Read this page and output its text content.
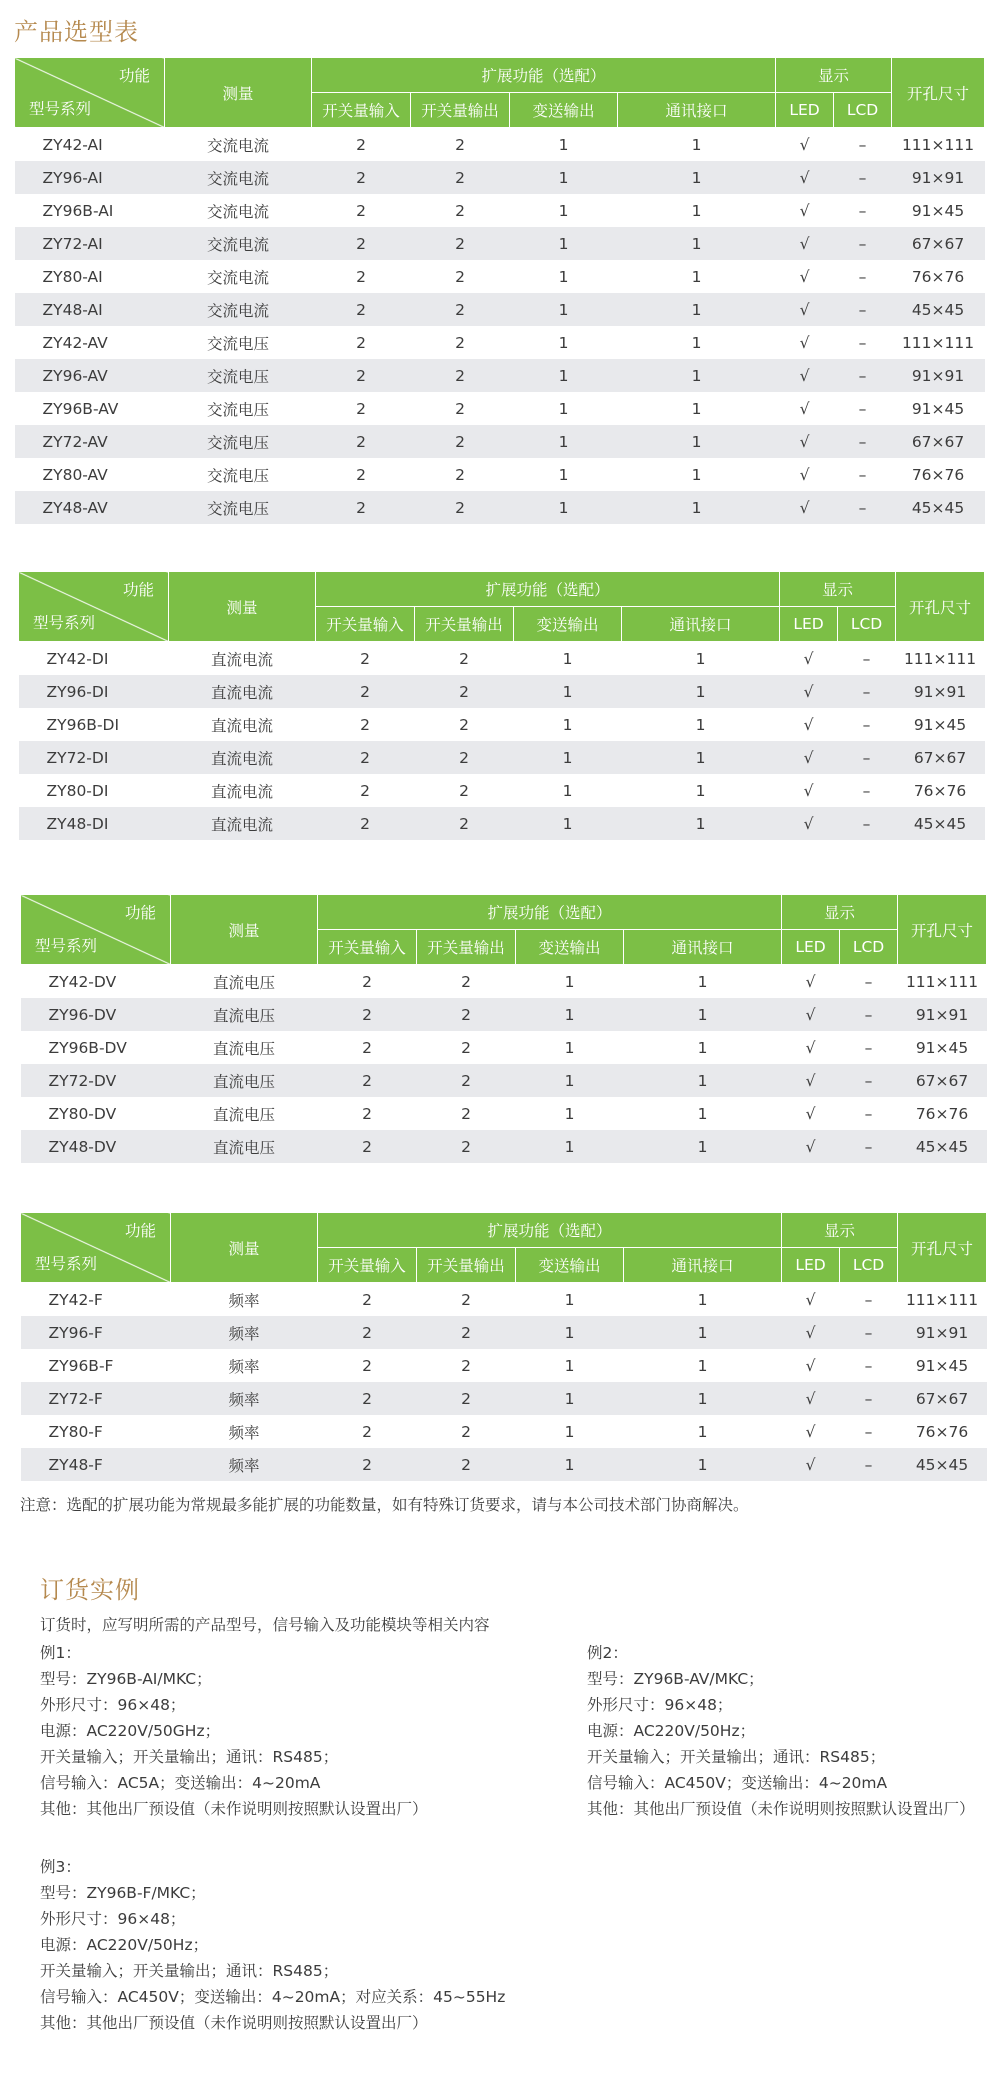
产品选型表
功能
型号系列	测量	扩展功能（选配）				显示		开孔尺寸
		开关量输入	开关量输出	变送输出	通讯接口	LED	LCD	
ZY42-AI	交流电流	2	2	1	1	√	–	111×111
ZY96-AI	交流电流	2	2	1	1	√	–	91×91
ZY96B-AI	交流电流	2	2	1	1	√	–	91×45
ZY72-AI	交流电流	2	2	1	1	√	–	67×67
ZY80-AI	交流电流	2	2	1	1	√	–	76×76
ZY48-AI	交流电流	2	2	1	1	√	–	45×45
ZY42-AV	交流电压	2	2	1	1	√	–	111×111
ZY96-AV	交流电压	2	2	1	1	√	–	91×91
ZY96B-AV	交流电压	2	2	1	1	√	–	91×45
ZY72-AV	交流电压	2	2	1	1	√	–	67×67
ZY80-AV	交流电压	2	2	1	1	√	–	76×76
ZY48-AV	交流电压	2	2	1	1	√	–	45×45
功能
型号系列	测量	扩展功能（选配）				显示		开孔尺寸
		开关量输入	开关量输出	变送输出	通讯接口	LED	LCD	
ZY42-DI	直流电流	2	2	1	1	√	–	111×111
ZY96-DI	直流电流	2	2	1	1	√	–	91×91
ZY96B-DI	直流电流	2	2	1	1	√	–	91×45
ZY72-DI	直流电流	2	2	1	1	√	–	67×67
ZY80-DI	直流电流	2	2	1	1	√	–	76×76
ZY48-DI	直流电流	2	2	1	1	√	–	45×45
功能
型号系列	测量	扩展功能（选配）				显示		开孔尺寸
		开关量输入	开关量输出	变送输出	通讯接口	LED	LCD	
ZY42-DV	直流电压	2	2	1	1	√	–	111×111
ZY96-DV	直流电压	2	2	1	1	√	–	91×91
ZY96B-DV	直流电压	2	2	1	1	√	–	91×45
ZY72-DV	直流电压	2	2	1	1	√	–	67×67
ZY80-DV	直流电压	2	2	1	1	√	–	76×76
ZY48-DV	直流电压	2	2	1	1	√	–	45×45
功能
型号系列	测量	扩展功能（选配）				显示		开孔尺寸
		开关量输入	开关量输出	变送输出	通讯接口	LED	LCD	
ZY42-F	频率	2	2	1	1	√	–	111×111
ZY96-F	频率	2	2	1	1	√	–	91×91
ZY96B-F	频率	2	2	1	1	√	–	91×45
ZY72-F	频率	2	2	1	1	√	–	67×67
ZY80-F	频率	2	2	1	1	√	–	76×76
ZY48-F	频率	2	2	1	1	√	–	45×45
注意：选配的扩展功能为常规最多能扩展的功能数量，如有特殊订货要求，请与本公司技术部门协商解决。
订货实例
订货时，应写明所需的产品型号，信号输入及功能模块等相关内容
例1：
型号：ZY96B-AI/MKC；
外形尺寸：96×48；
电源：AC220V/50GHz；
开关量输入；开关量输出；通讯：RS485；
信号输入：AC5A；变送输出：4~20mA
其他：其他出厂预设值（未作说明则按照默认设置出厂）
例2：
型号：ZY96B-AV/MKC；
外形尺寸：96×48；
电源：AC220V/50Hz；
开关量输入；开关量输出；通讯：RS485；
信号输入：AC450V；变送输出：4~20mA
其他：其他出厂预设值（未作说明则按照默认设置出厂）
例3：
型号：ZY96B-F/MKC；
外形尺寸：96×48；
电源：AC220V/50Hz；
开关量输入；开关量输出；通讯：RS485；
信号输入：AC450V；变送输出：4~20mA；对应关系：45~55Hz
其他：其他出厂预设值（未作说明则按照默认设置出厂）
